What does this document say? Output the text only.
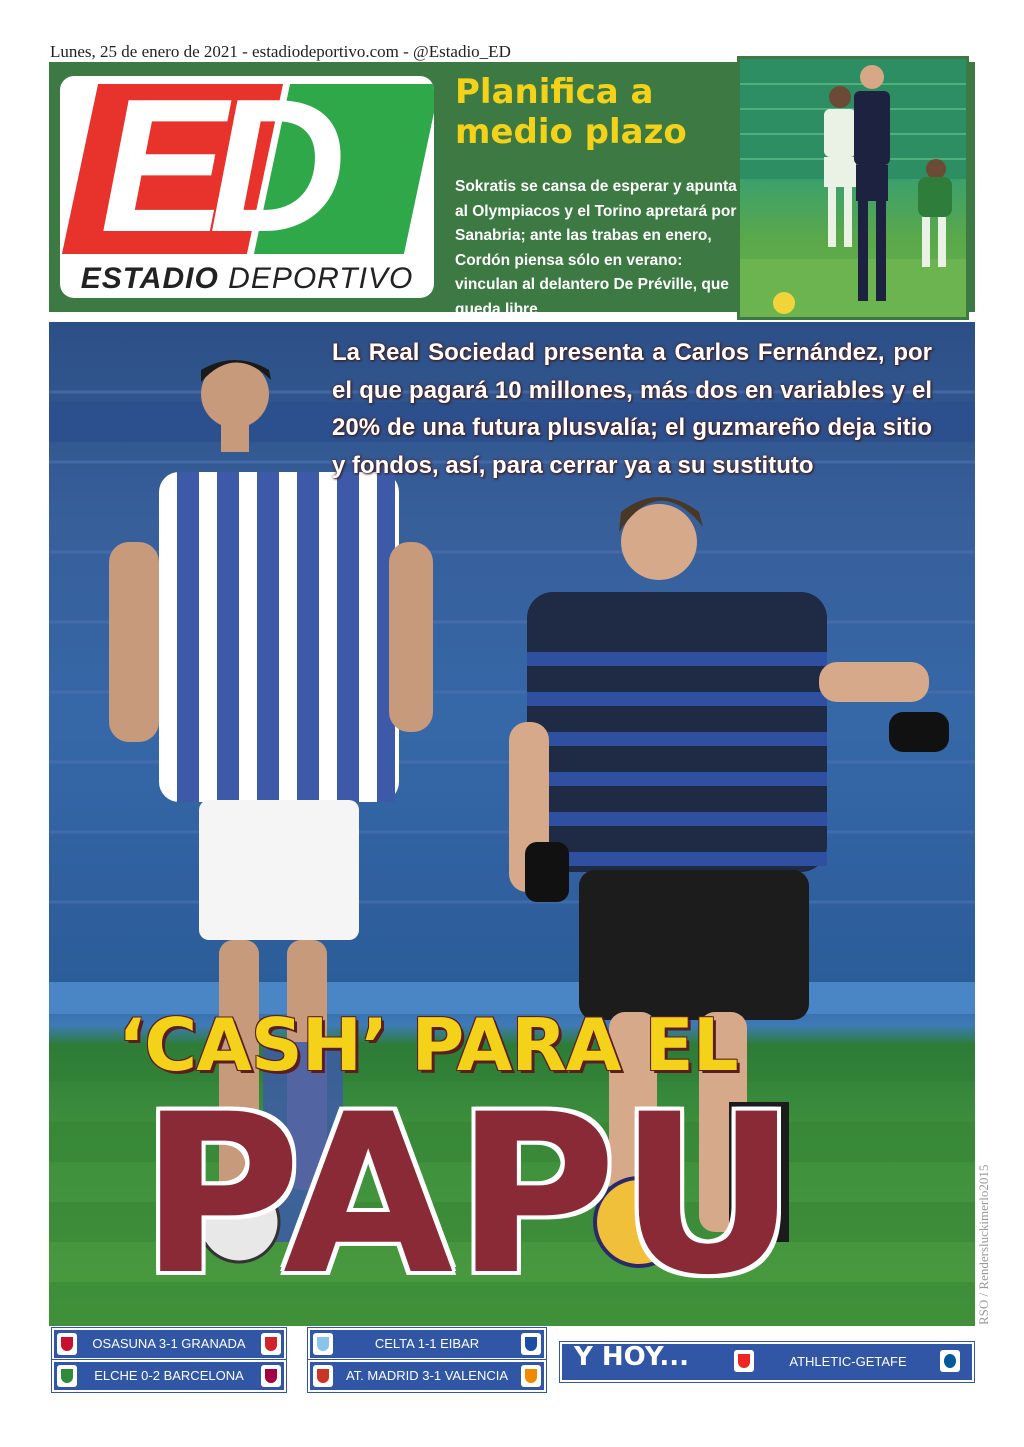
Lunes, 25 de enero de 2021 - estadiodeportivo.com - @Estadio_ED
ED
ESTADIO DEPORTIVO
Planifica a medio plazo
Sokratis se cansa de esperar y apunta al Olympiacos y el Torino apretará por Sanabria; ante las trabas en enero, Cordón piensa sólo en verano: vinculan al delantero De Préville, que queda libre
La Real Sociedad presenta a Carlos Fernández, por el que pagará 10 millones, más dos en variables y el 20% de una futura plusvalía; el guzmareño deja sitio y fondos, así, para cerrar ya a su sustituto
‘CASH’ PARA EL
PAPU	RSO / Rendersluckimerlo2015
OSASUNA 3-1 GRANADA	CELTA 1-1 EIBAR
ELCHE 0-2 BARCELONA	AT. MADRID 3-1 VALENCIA
Y HOY...	ATHLETIC-GETAFE
